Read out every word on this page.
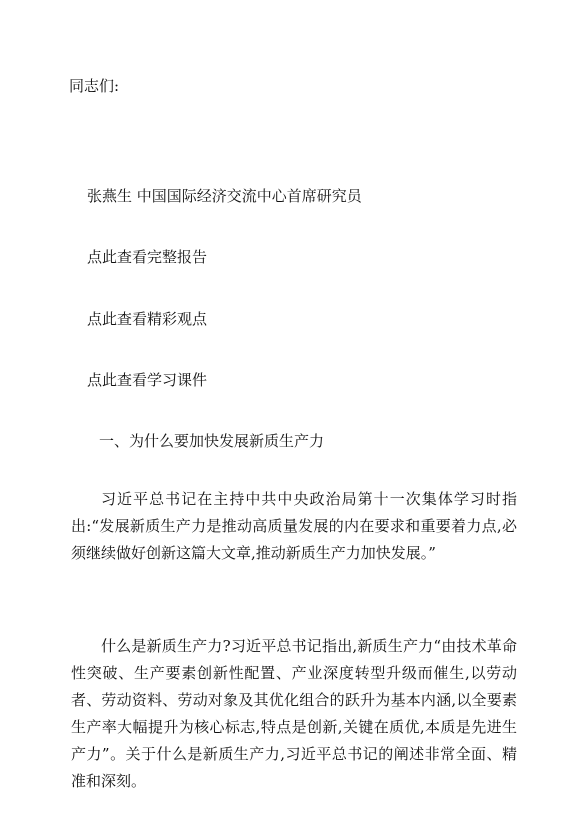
同志们:
张燕生 中国国际经济交流中心首席研究员
点此查看完整报告
点此查看精彩观点
点此查看学习课件
一、为什么要加快发展新质生产力

习近平总书记在主持中共中央政治局第十一次集体学习时指出:“发展新质生产力是推动高质量发展的内在要求和重要着力点,必须继续做好创新这篇大文章,推动新质生产力加快发展。”

什么是新质生产力?习近平总书记指出,新质生产力“由技术革命性突破、生产要素创新性配置、产业深度转型升级而催生,以劳动者、劳动资料、劳动对象及其优化组合的跃升为基本内涵,以全要素生产率大幅提升为核心标志,特点是创新,关键在质优,本质是先进生产力”。关于什么是新质生产力,习近平总书记的阐述非常全面、精准和深刻。
